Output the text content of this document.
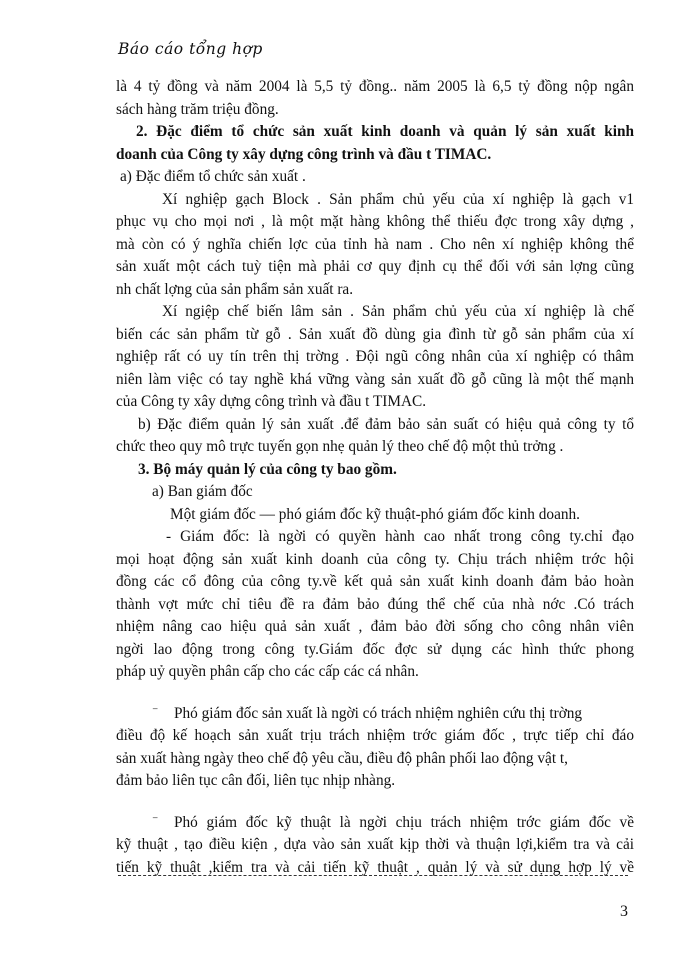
Báo cáo tổng hợp
là 4 tỷ đồng và năm 2004 là 5,5 tỷ đồng.. năm 2005 là 6,5 tỷ đồng nộp ngân
sách hàng trăm triệu đồng.
2. Đặc điểm tổ chức sản xuất kinh doanh và quản lý sản xuất kinh
doanh của Công ty xây dựng công trình và đầu t TIMAC.
a) Đặc điểm tổ chức sản xuất .
Xí nghiệp gạch Block . Sản phẩm chủ yếu của xí nghiệp là gạch v1
phục vụ cho mọi nơi , là một mặt hàng không thể thiếu đợc trong xây dựng ,
mà còn có ý nghĩa chiến lợc của tỉnh hà nam . Cho nên xí nghiệp không thể
sản xuất một cách tuỳ tiện mà phải cơ quy định cụ thể đối với sản lợng cũng
nh chất lợng của sản phẩm sản xuất ra.
Xí ngiệp chế biến lâm sản . Sản phẩm chủ yếu của xí nghiệp là chế
biến các sản phẩm từ gỗ . Sản xuất đồ dùng gia đình từ gỗ sản phẩm của xí
nghiệp rất có uy tín trên thị trờng . Đội ngũ công nhân của xí nghiệp có thâm
niên làm việc có tay nghề khá vững vàng sản xuất đồ gỗ cũng là một thế mạnh
của Công ty xây dựng công trình và đầu t TIMAC.
b) Đặc điểm quản lý sản xuất .để đảm bảo sản suất có hiệu quả công ty tổ
chức theo quy mô trực tuyến gọn nhẹ quản lý theo chế độ một thủ trởng .
3. Bộ máy quản lý của công ty bao gồm.
a) Ban giám đốc
Một giám đốc — phó giám đốc kỹ thuật-phó giám đốc kinh doanh.
- Giám đốc: là ngời có quyền hành cao nhất trong công ty.chỉ đạo
mọi hoạt động sản xuất kinh doanh của công ty. Chịu trách nhiệm trớc hội
đồng các cổ đông của công ty.về kết quả sản xuất kinh doanh đảm bảo hoàn
thành vợt mức chỉ tiêu đề ra đảm bảo đúng thể chế của nhà nớc .Có trách
nhiệm nâng cao hiệu quả sản xuất , đảm bảo đời sống cho công nhân viên
ngời lao động trong công ty.Giám đốc đợc sử dụng các hình thức phong
pháp uỷ quyền phân cấp cho các cấp các cá nhân.
⁻ Phó giám đốc sản xuất là ngời có trách nhiệm nghiên cứu thị trờng
điều độ kế hoạch sản xuất trịu trách nhiệm trớc giám đốc , trực tiếp chỉ đáo
sản xuất hàng ngày theo chế độ yêu cầu, điều độ phân phối lao động vật t,
đảm bảo liên tục cân đối, liên tục nhịp nhàng.
⁻ Phó giám đốc kỹ thuật là ngời chịu trách nhiệm trớc giám đốc về
kỹ thuật , tạo điều kiện , dựa vào sản xuất kịp thời và thuận lợi,kiểm tra và cải
tiến kỹ thuật ,kiểm tra và cải tiến kỹ thuật , quản lý và sử dụng hợp lý về
3
